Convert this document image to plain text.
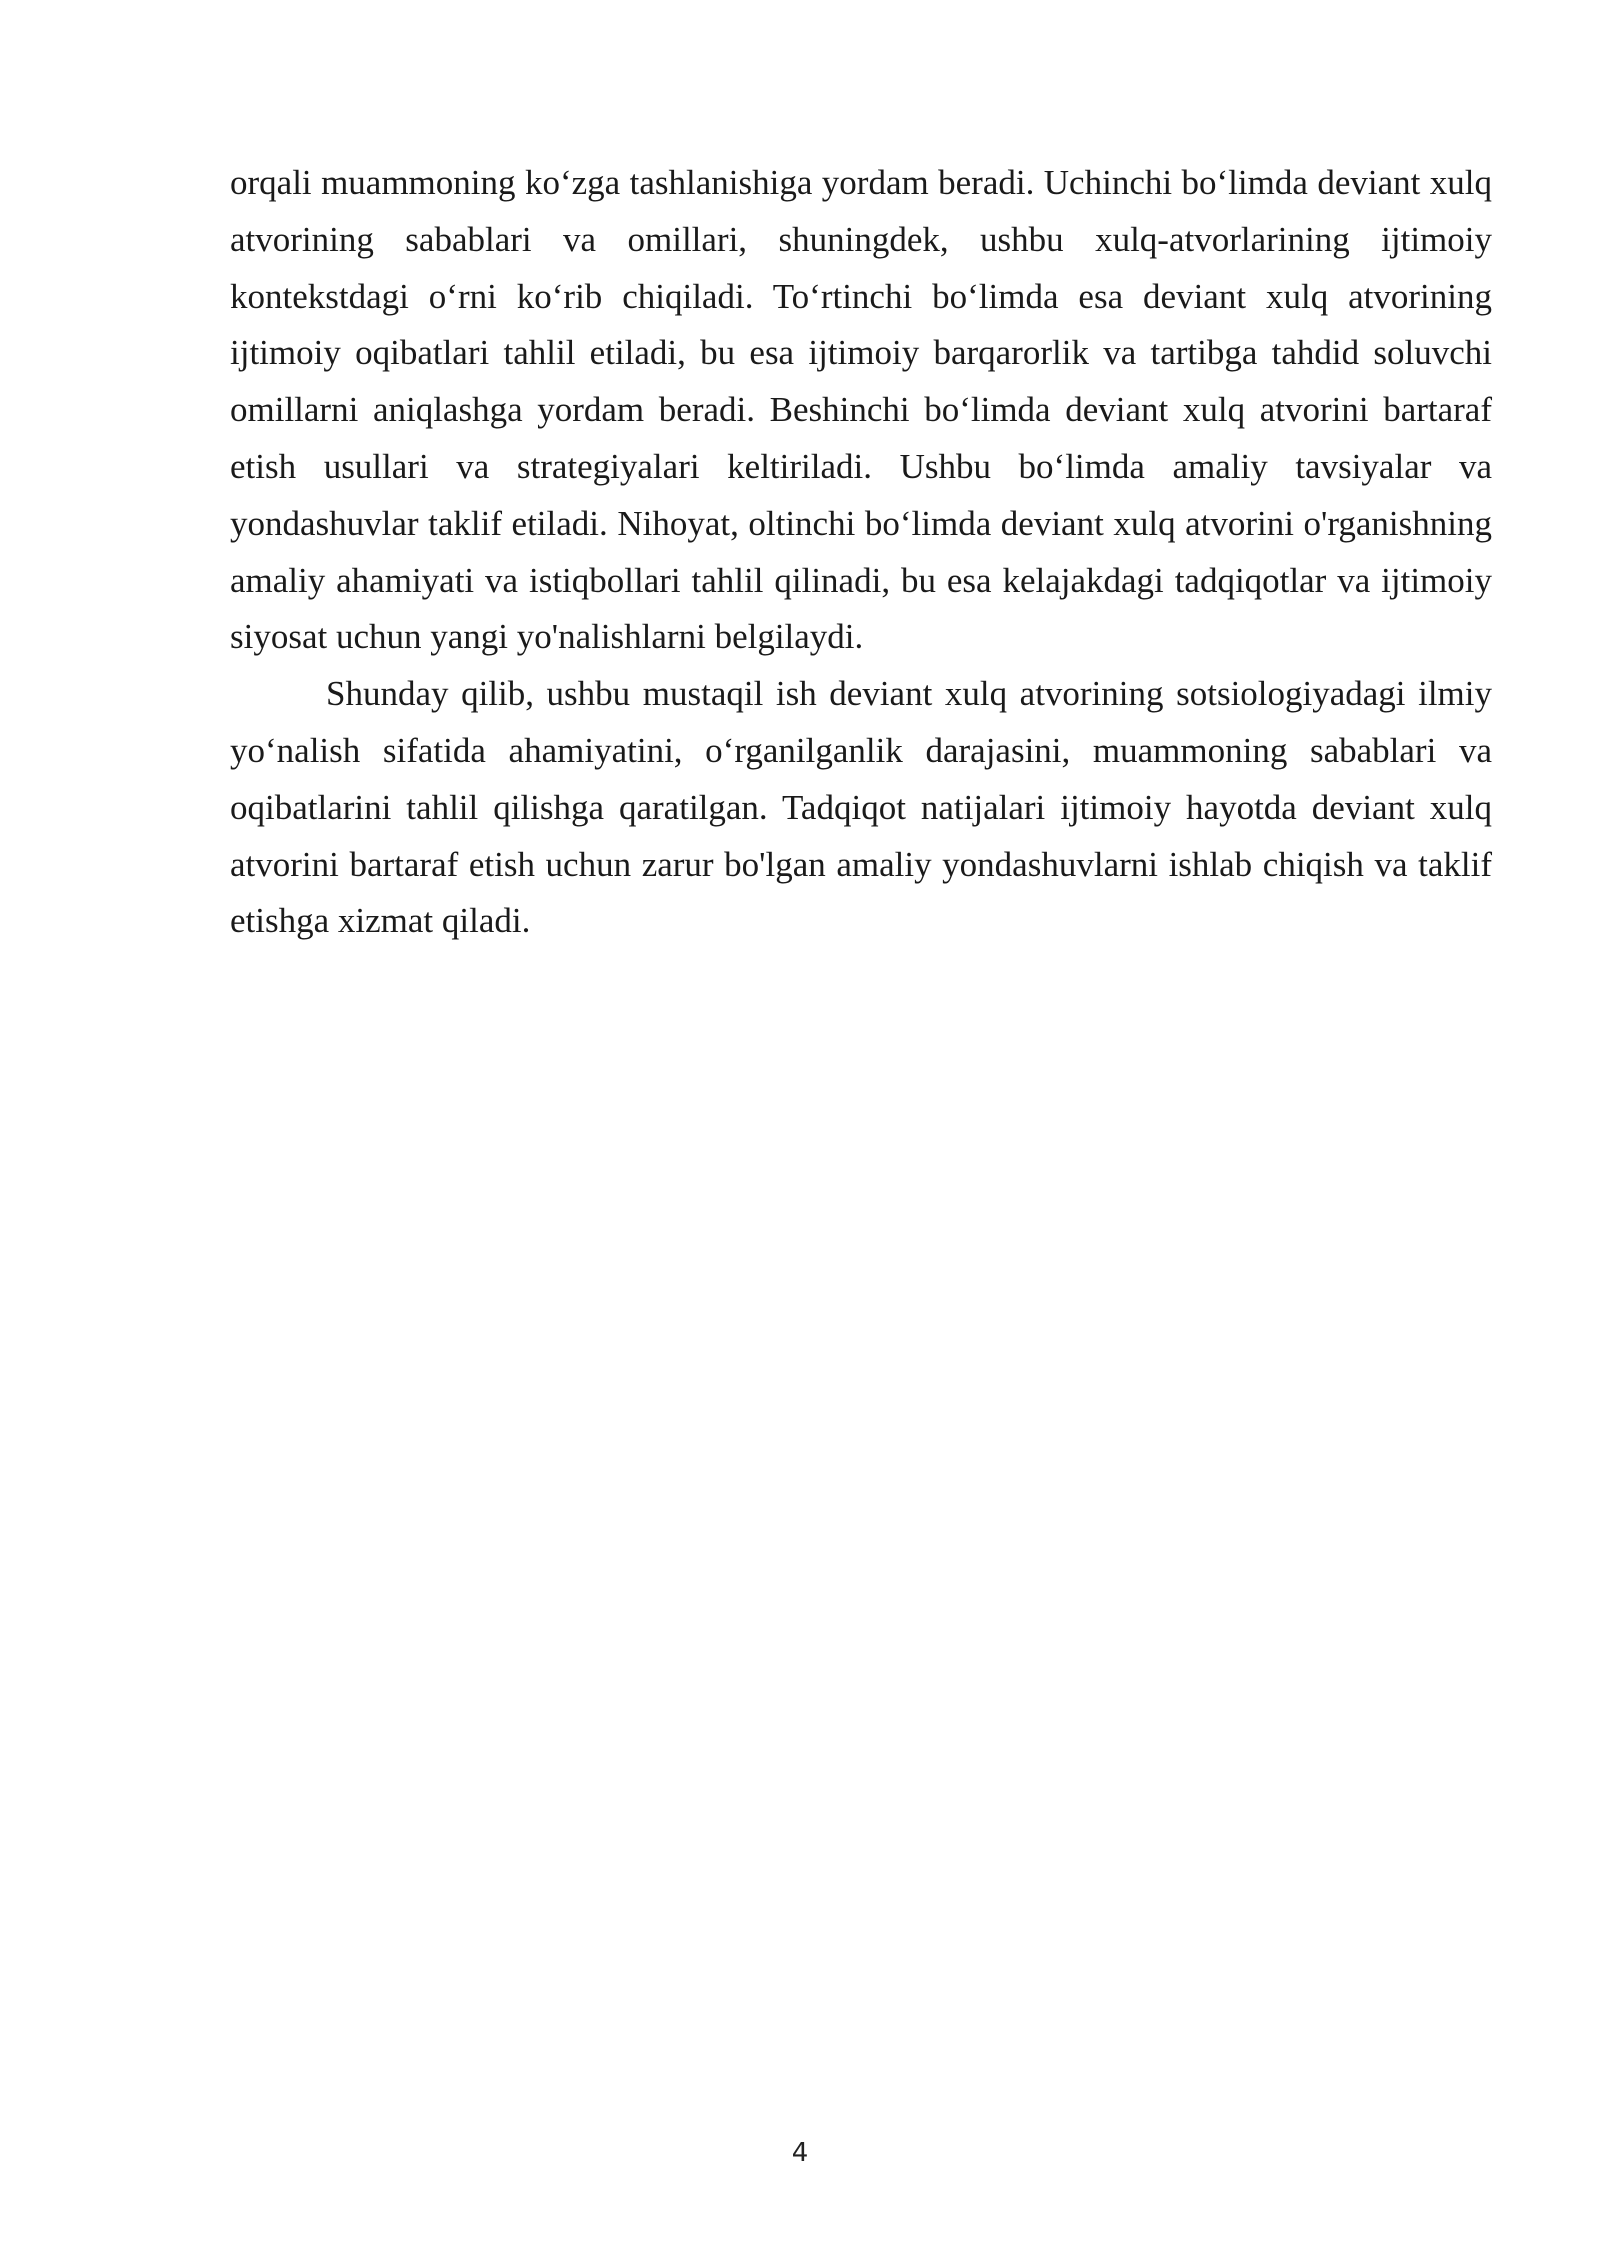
orqali muammoning ko‘zga tashlanishiga yordam beradi. Uchinchi bo‘limda deviant xulq atvorining sabablari va omillari, shuningdek, ushbu xulq-atvorlarining ijtimoiy kontekstdagi o‘rni ko‘rib chiqiladi. To‘rtinchi bo‘limda esa deviant xulq atvorining ijtimoiy oqibatlari tahlil etiladi, bu esa ijtimoiy barqarorlik va tartibga tahdid soluvchi omillarni aniqlashga yordam beradi. Beshinchi bo‘limda deviant xulq atvorini bartaraf etish usullari va strategiyalari keltiriladi. Ushbu bo‘limda amaliy tavsiyalar va yondashuvlar taklif etiladi. Nihoyat, oltinchi bo‘limda deviant xulq atvorini o'rganishning amaliy ahamiyati va istiqbollari tahlil qilinadi, bu esa kelajakdagi tadqiqotlar va ijtimoiy siyosat uchun yangi yo'nalishlarni belgilaydi.

Shunday qilib, ushbu mustaqil ish deviant xulq atvorining sotsiologiyadagi ilmiy yo‘nalish sifatida ahamiyatini, o‘rganilganlik darajasini, muammoning sabablari va oqibatlarini tahlil qilishga qaratilgan. Tadqiqot natijalari ijtimoiy hayotda deviant xulq atvorini bartaraf etish uchun zarur bo'lgan amaliy yondashuvlarni ishlab chiqish va taklif etishga xizmat qiladi.

4
